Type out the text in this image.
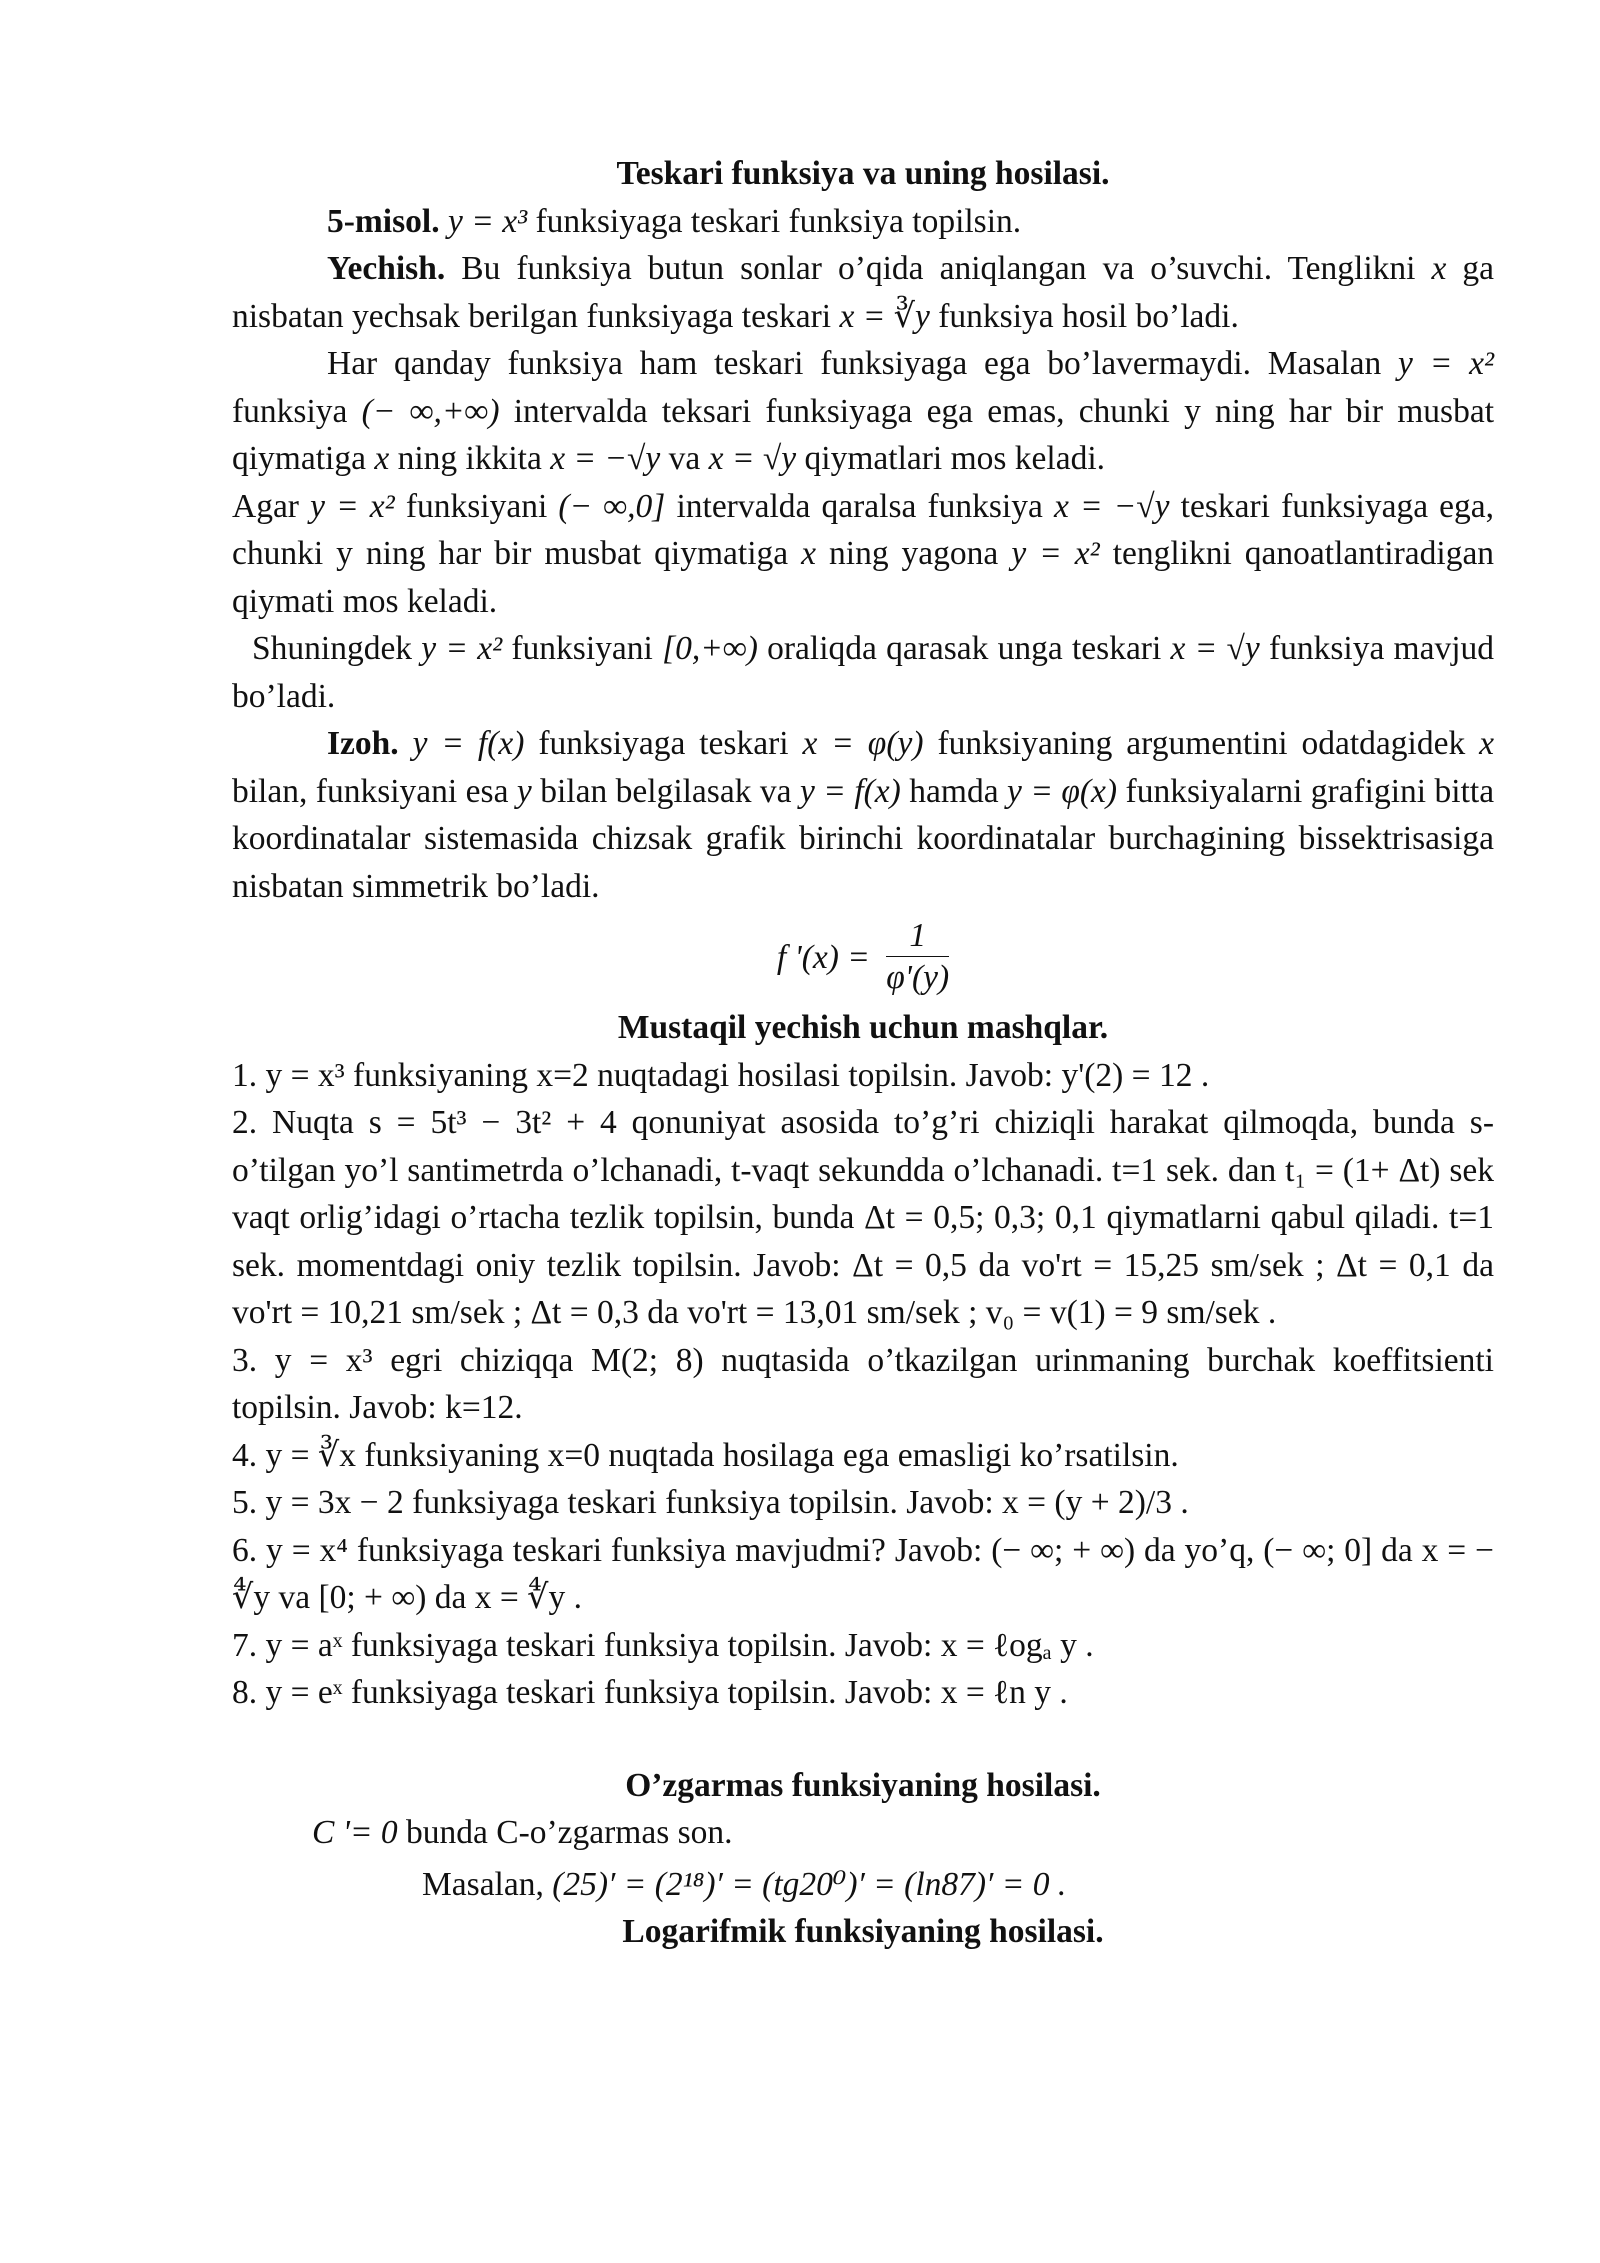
Teskari funksiya va uning hosilasi.

5-misol. y = x³ funksiyaga teskari funksiya topilsin.

Yechish. Bu funksiya butun sonlar o’qida aniqlangan va o’suvchi. Tenglikni x ga nisbatan yechsak berilgan funksiyaga teskari x = ∛y funksiya hosil bo’ladi.

Har qanday funksiya ham teskari funksiyaga ega bo’lavermaydi. Masalan y = x² funksiya (− ∞,+∞) intervalda teksari funksiyaga ega emas, chunki y ning har bir musbat qiymatiga x ning ikkita x = −√y va x = √y qiymatlari mos keladi.

Agar y = x² funksiyani (− ∞,0] intervalda qaralsa funksiya x = −√y teskari funksiyaga ega, chunki y ning har bir musbat qiymatiga x ning yagona y = x² tenglikni qanoatlantiradigan qiymati mos keladi.

Shuningdek y = x² funksiyani [0,+∞) oraliqda qarasak unga teskari x = √y funksiya mavjud bo’ladi.

Izoh. y = f(x) funksiyaga teskari x = φ(y) funksiyaning argumentini odatdagidek x bilan, funksiyani esa y bilan belgilasak va y = f(x) hamda y = φ(x) funksiyalarni grafigini bitta koordinatalar sistemasida chizsak grafik birinchi koordinatalar burchagining bissektrisasiga nisbatan simmetrik bo’ladi.

f '$(x) = \frac{1}{\varphi'(y)}$

Mustaqil yechish uchun mashqlar.

1. y = x³ funksiyaning x=2 nuqtadagi hosilasi topilsin. Javob: y'(2) = 12 .

2. Nuqta s = 5t³ − 3t² + 4 qonuniyat asosida to’g’ri chiziqli harakat qilmoqda, bunda s- o’tilgan yo’l santimetrda o’lchanadi, t-vaqt sekundda o’lchanadi. t=1 sek. dan t₁ = (1+ Δt) sek vaqt orlig’idagi o’rtacha tezlik topilsin, bunda Δt = 0,5; 0,3; 0,1 qiymatlarni qabul qiladi. t=1 sek. momentdagi oniy tezlik topilsin. Javob: Δt = 0,5 da vo'rt = 15,25 sm/sek ; Δt = 0,1 da vo'rt = 10,21 sm/sek ; Δt = 0,3 da vo'rt = 13,01 sm/sek ; v₀ = v(1) = 9 sm/sek .

3. y = x³ egri chiziqqa M(2; 8) nuqtasida o’tkazilgan urinmaning burchak koeffitsienti topilsin. Javob: k=12.

4. y = ∛x funksiyaning x=0 nuqtada hosilaga ega emasligi ko’rsatilsin.

5. y = 3x − 2 funksiyaga teskari funksiya topilsin. Javob: x = (y + 2)/3 .

6. y = x⁴ funksiyaga teskari funksiya mavjudmi? Javob: (− ∞; + ∞) da yo’q, (− ∞; 0] da x = − ∜y va [0; + ∞) da x = ∜y .

7. y = aˣ funksiyaga teskari funksiya topilsin. Javob: x = ℓogₐ y .

8. y = eˣ funksiyaga teskari funksiya topilsin. Javob: x = ℓn y .

O’zgarmas funksiyaning hosilasi.

C '= 0 bunda C-o’zgarmas son.

Masalan, (25)′ = (2¹⁸)′ = (tg20⁰)′ = (ln87)′ = 0 .

Logarifmik funksiyaning hosilasi.
